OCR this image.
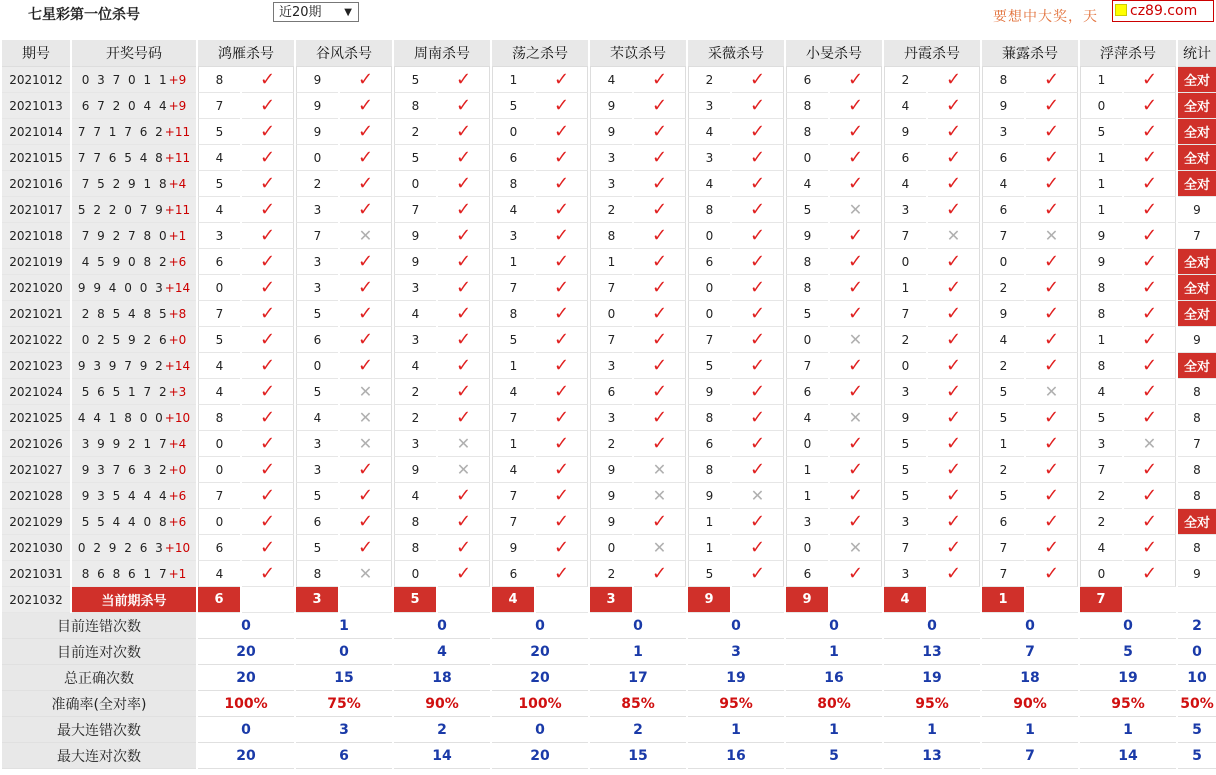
七星彩第一位杀号	近20期 ▼	要想中大奖，天	cz89.com
期号	开奖号码	鸿雁杀号		谷风杀号		周南杀号		荡之杀号		芣苡杀号		采薇杀号		小旻杀号		丹霞杀号		蒹露杀号		浮萍杀号		统计
2021012	0 3 7 0 1 1+9	8	✓	9	✓	5	✓	1	✓	4	✓	2	✓	6	✓	2	✓	8	✓	1	✓	全对
2021013	6 7 2 0 4 4+9	7	✓	9	✓	8	✓	5	✓	9	✓	3	✓	8	✓	4	✓	9	✓	0	✓	全对
2021014	7 7 1 7 6 2+11	5	✓	9	✓	2	✓	0	✓	9	✓	4	✓	8	✓	9	✓	3	✓	5	✓	全对
2021015	7 7 6 5 4 8+11	4	✓	0	✓	5	✓	6	✓	3	✓	3	✓	0	✓	6	✓	6	✓	1	✓	全对
2021016	7 5 2 9 1 8+4	5	✓	2	✓	0	✓	8	✓	3	✓	4	✓	4	✓	4	✓	4	✓	1	✓	全对
2021017	5 2 2 0 7 9+11	4	✓	3	✓	7	✓	4	✓	2	✓	8	✓	5	✕	3	✓	6	✓	1	✓	9
2021018	7 9 2 7 8 0+1	3	✓	7	✕	9	✓	3	✓	8	✓	0	✓	9	✓	7	✕	7	✕	9	✓	7
2021019	4 5 9 0 8 2+6	6	✓	3	✓	9	✓	1	✓	1	✓	6	✓	8	✓	0	✓	0	✓	9	✓	全对
2021020	9 9 4 0 0 3+14	0	✓	3	✓	3	✓	7	✓	7	✓	0	✓	8	✓	1	✓	2	✓	8	✓	全对
2021021	2 8 5 4 8 5+8	7	✓	5	✓	4	✓	8	✓	0	✓	0	✓	5	✓	7	✓	9	✓	8	✓	全对
2021022	0 2 5 9 2 6+0	5	✓	6	✓	3	✓	5	✓	7	✓	7	✓	0	✕	2	✓	4	✓	1	✓	9
2021023	9 3 9 7 9 2+14	4	✓	0	✓	4	✓	1	✓	3	✓	5	✓	7	✓	0	✓	2	✓	8	✓	全对
2021024	5 6 5 1 7 2+3	4	✓	5	✕	2	✓	4	✓	6	✓	9	✓	6	✓	3	✓	5	✕	4	✓	8
2021025	4 4 1 8 0 0+10	8	✓	4	✕	2	✓	7	✓	3	✓	8	✓	4	✕	9	✓	5	✓	5	✓	8
2021026	3 9 9 2 1 7+4	0	✓	3	✕	3	✕	1	✓	2	✓	6	✓	0	✓	5	✓	1	✓	3	✕	7
2021027	9 3 7 6 3 2+0	0	✓	3	✓	9	✕	4	✓	9	✕	8	✓	1	✓	5	✓	2	✓	7	✓	8
2021028	9 3 5 4 4 4+6	7	✓	5	✓	4	✓	7	✓	9	✕	9	✕	1	✓	5	✓	5	✓	2	✓	8
2021029	5 5 4 4 0 8+6	0	✓	6	✓	8	✓	7	✓	9	✓	1	✓	3	✓	3	✓	6	✓	2	✓	全对
2021030	0 2 9 2 6 3+10	6	✓	5	✓	8	✓	9	✓	0	✕	1	✓	0	✕	7	✓	7	✓	4	✓	8
2021031	8 6 8 6 1 7+1	4	✓	8	✕	0	✓	6	✓	2	✓	5	✓	6	✓	3	✓	7	✓	0	✓	9
2021032	当前期杀号	6		3		5		4		3		9		9		4		1		7		
目前连错次数		0		1		0		0		0		0		0		0		0		0		2
目前连对次数		20		0		4		20		1		3		1		13		7		5		0
总正确次数		20		15		18		20		17		19		16		19		18		19		10
准确率(全对率)		100%		75%		90%		100%		85%		95%		80%		95%		90%		95%		50%
最大连错次数		0		3		2		0		2		1		1		1		1		1		5
最大连对次数		20		6		14		20		15		16		5		13		7		14		5
